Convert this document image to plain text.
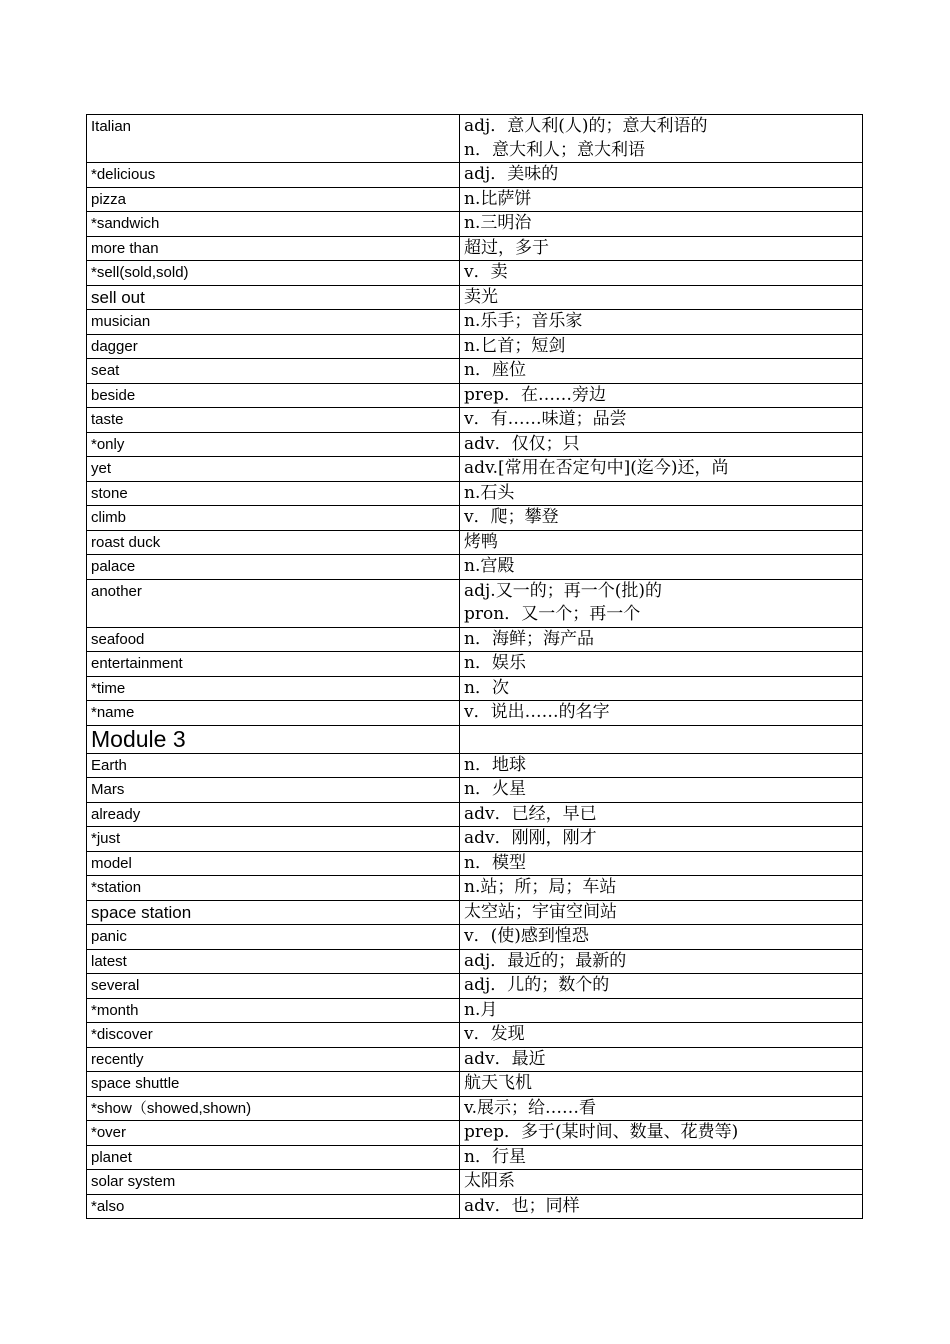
Italian	adj．意人利(人)的；意大利语的
n．意大利人；意大利语

*delicious	adj．美味的

pizza	n.比萨饼

*sandwich	n.三明治

more than	超过，多于

*sell(sold,sold)	v．卖

sell out	卖光

musician	n.乐手；音乐家

dagger	n.匕首；短剑

seat	n．座位

beside	prep．在……旁边

taste	v．有……味道；品尝

*only	adv．仅仅；只

yet	adv.[常用在否定句中](迄今)还，尚

stone	n.石头

climb	v．爬；攀登

roast duck	烤鸭

palace	n.宫殿

another	adj.又一的；再一个(批)的
pron．又一个；再一个

seafood	n．海鲜；海产品

entertainment	n．娱乐

*time	n．次

*name	v．说出……的名字

Module 3	

Earth	n．地球

Mars	n．火星

already	adv．已经，早已

*just	adv．刚刚，刚才

model	n．模型

*station	n.站；所；局；车站

space station	太空站；宇宙空间站

panic	v．(使)感到惶恐

latest	adj．最近的；最新的

several	adj．儿的；数个的

*month	n.月

*discover	v．发现

recently	adv．最近

space shuttle	航天飞机

*show（showed,shown)	v.展示；给……看

*over	prep．多于(某时间、数量、花费等)

planet	n．行星

solar system	太阳系

*also	adv．也；同样
